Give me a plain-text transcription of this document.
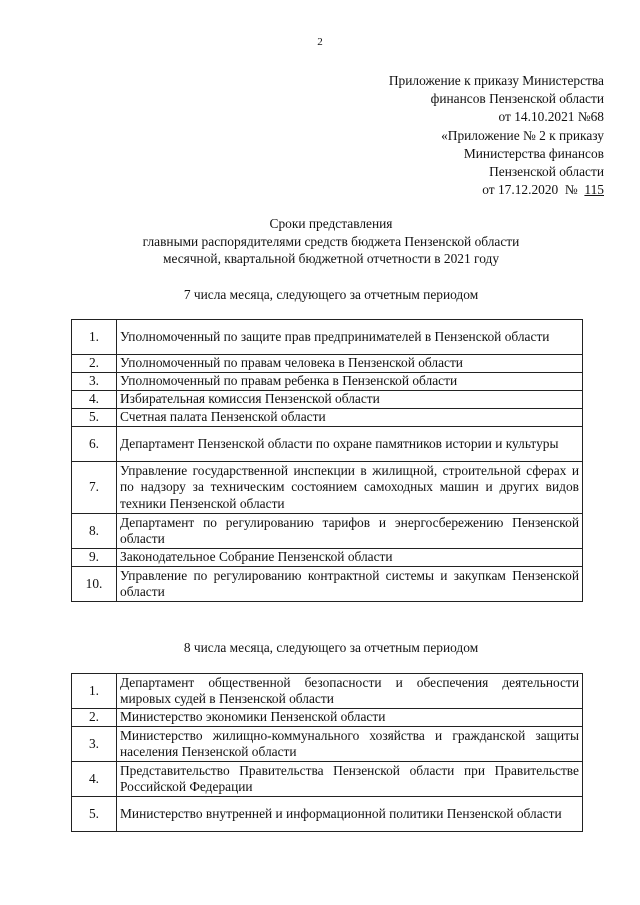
2
Приложение к приказу Министерства
финансов Пензенской области
от 14.10.2021 №68
«Приложение № 2 к приказу
Министерства финансов
Пензенской области
от 17.12.2020  №  115
Сроки представления
главными распорядителями средств бюджета Пензенской области
месячной, квартальной бюджетной отчетности в 2021 году
7 числа месяца, следующего за отчетным периодом
1.	Уполномоченный по защите прав предпринимателей в Пензенской области
2.	Уполномоченный по правам человека в Пензенской области
3.	Уполномоченный по правам ребенка в Пензенской области
4.	Избирательная комиссия Пензенской области
5.	Счетная палата Пензенской области
6.	Департамент Пензенской области по охране памятников истории и культуры
7.	Управление государственной инспекции в жилищной, строительной сферах и по надзору за техническим состоянием самоходных машин и других видов техники Пензенской области
8.	Департамент по регулированию тарифов и энергосбережению Пензенской области
9.	Законодательное Собрание Пензенской области
10.	Управление по регулированию контрактной системы и закупкам Пензенской области
8 числа месяца, следующего за отчетным периодом
1.	Департамент общественной безопасности и обеспечения деятельности мировых судей в Пензенской области
2.	Министерство экономики Пензенской области
3.	Министерство жилищно-коммунального хозяйства и гражданской защиты населения Пензенской области
4.	Представительство Правительства Пензенской области при Правительстве Российской Федерации
5.	Министерство внутренней и информационной политики Пензенской области
